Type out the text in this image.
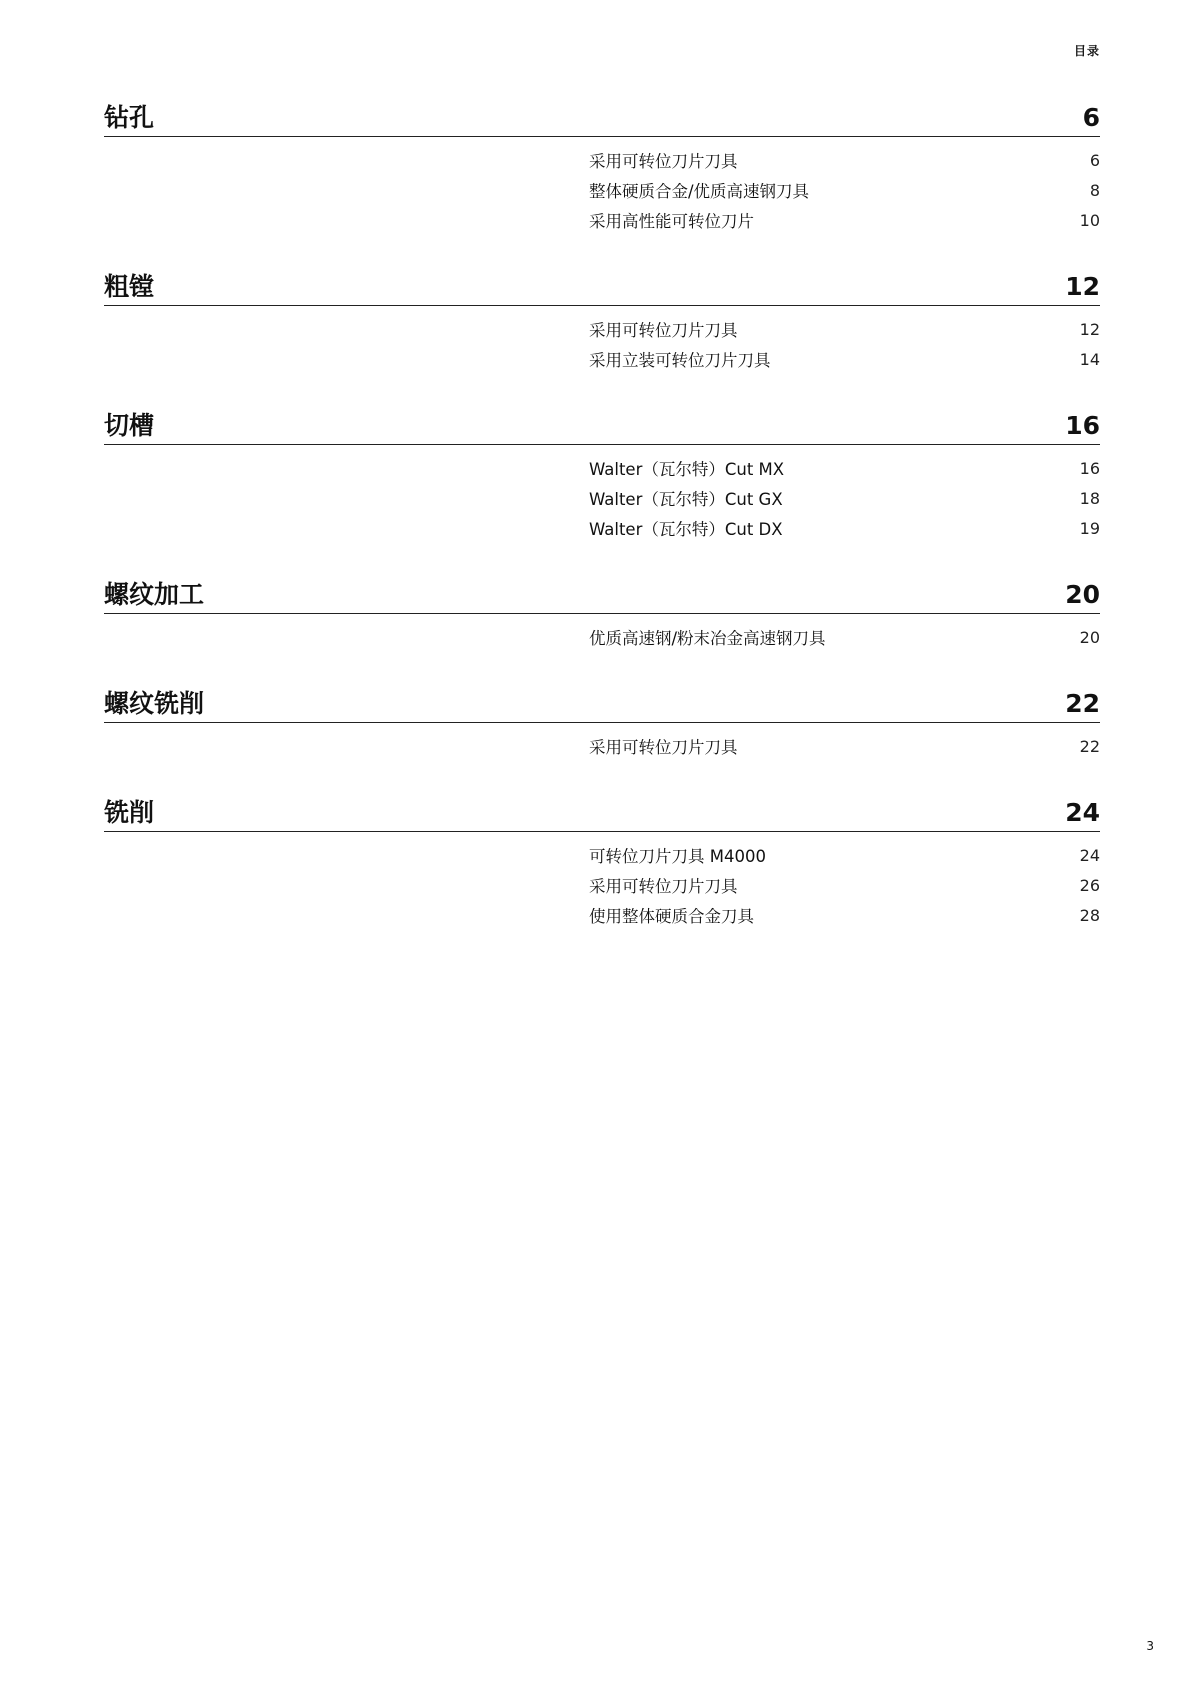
目录
钻孔	6
采用可转位刀片刀具	6
整体硬质合金/优质高速钢刀具	8
采用高性能可转位刀片	10
粗镗	12
采用可转位刀片刀具	12
采用立装可转位刀片刀具	14
切槽	16
Walter（瓦尔特）Cut MX	16
Walter（瓦尔特）Cut GX	18
Walter（瓦尔特）Cut DX	19
螺纹加工	20
优质高速钢/粉末冶金高速钢刀具	20
螺纹铣削	22
采用可转位刀片刀具	22
铣削	24
可转位刀片刀具 M4000	24
采用可转位刀片刀具	26
使用整体硬质合金刀具	28
3
